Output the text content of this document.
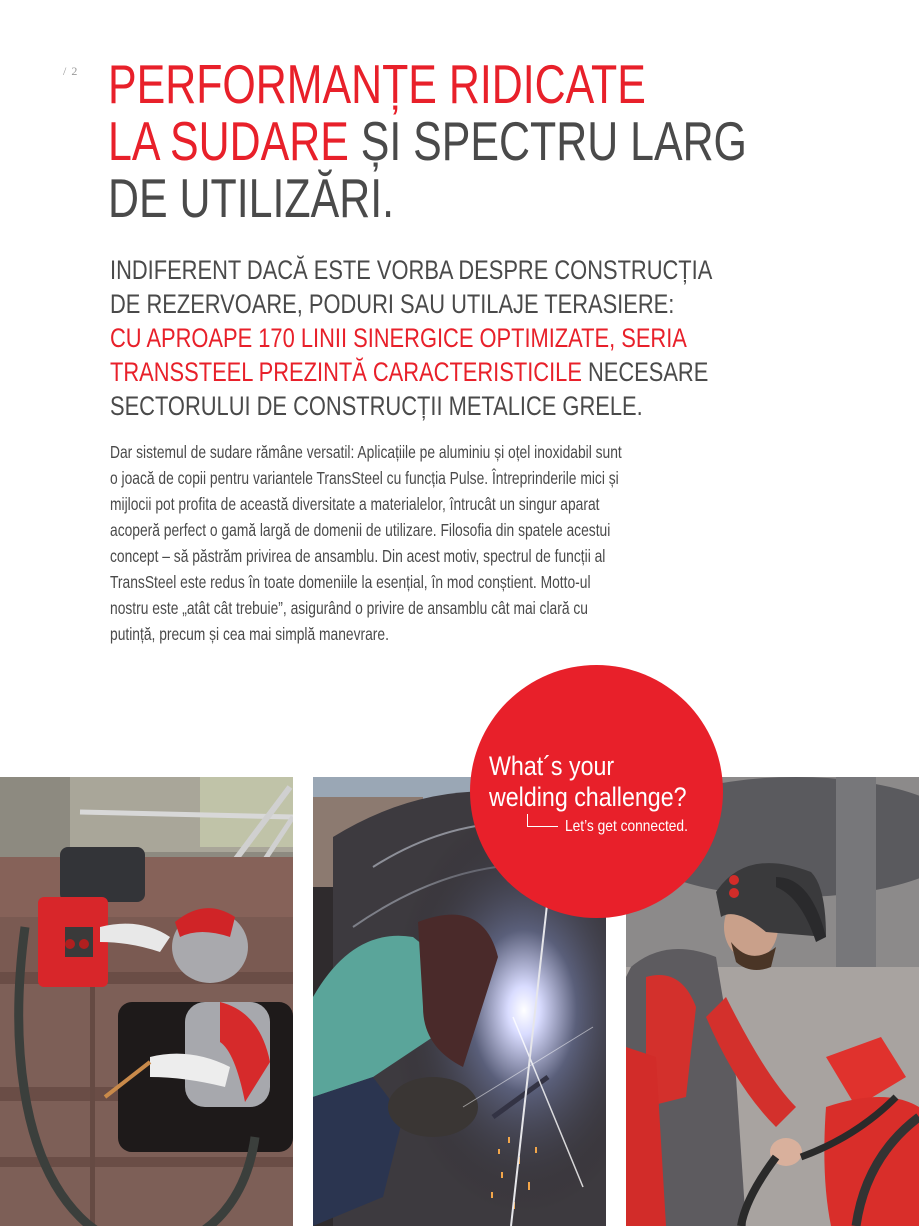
/ 2 PERFORMANȚE RIDICATE
LA SUDARE ȘI SPECTRU LARG
DE UTILIZĂRI.
INDIFERENT DACĂ ESTE VORBA DESPRE CONSTRUCȚIA
DE REZERVOARE, PODURI SAU UTILAJE TERASIERE:
CU APROAPE 170 LINII SINERGICE OPTIMIZATE, SERIA
TRANSSTEEL PREZINTĂ CARACTERISTICILE NECESARE
SECTORULUI DE CONSTRUCȚII METALICE GRELE.

Dar sistemul de sudare rămâne versatil: Aplicațiile pe aluminiu și oțel inoxidabil sunt
o joacă de copii pentru variantele TransSteel cu funcția Pulse. Întreprinderile mici și
mijlocii pot profita de această diversitate a materialelor, întrucât un singur aparat
acoperă perfect o gamă largă de domenii de utilizare. Filosofia din spatele acestui
concept – să păstrăm privirea de ansamblu. Din acest motiv, spectrul de funcții al
TransSteel este redus în toate domeniile la esențial, în mod conștient. Motto-ul
nostru este „atât cât trebuie”, asigurând o privire de ansamblu cât mai clară cu
putință, precum și cea mai simplă manevrare.

What´s your
welding challenge?
Let’s get connected.
